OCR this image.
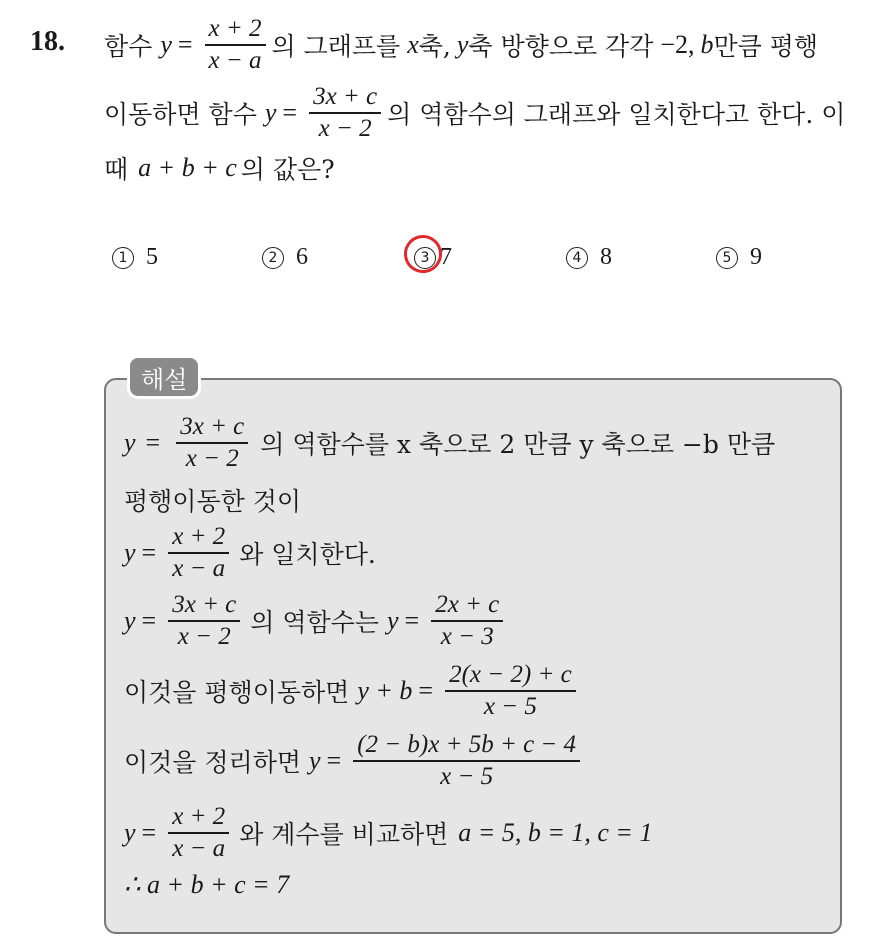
18. 함수 $y = \frac{x + 2}{x - a}$ 의 그래프를 x 축, y 축 방향으로 각각 −2, b 만큼 평행
이동하면 함수 $y = \frac{3x + c}{x - 2}$ 의 역함수의 그래프와 일치한다고 한다. 이
때 a + b + c 의 값은?
1 5	2 6	3 7	4 8	5 9
해설
$y = \frac{3x + c}{x - 2}$ 의 역함수를 x 축으로 2 만큼 y 축으로 −b 만큼
평행이동한 것이
$y = \frac{x + 2}{x - a}$ 와 일치한다.
$y = \frac{3x + c}{x - 2}$ 의 역함수는 $y = \frac{2x + c}{x - 3}$
이것을 평행이동하면 $y + b = \frac{2(x - 2) + c}{x - 5}$
이것을 정리하면 $y = \frac{(2 - b)x + 5b + c - 4}{x - 5}$
$y = \frac{x + 2}{x - a}$ 와 계수를 비교하면 a = 5, b = 1, c = 1
∴ a + b + c = 7
